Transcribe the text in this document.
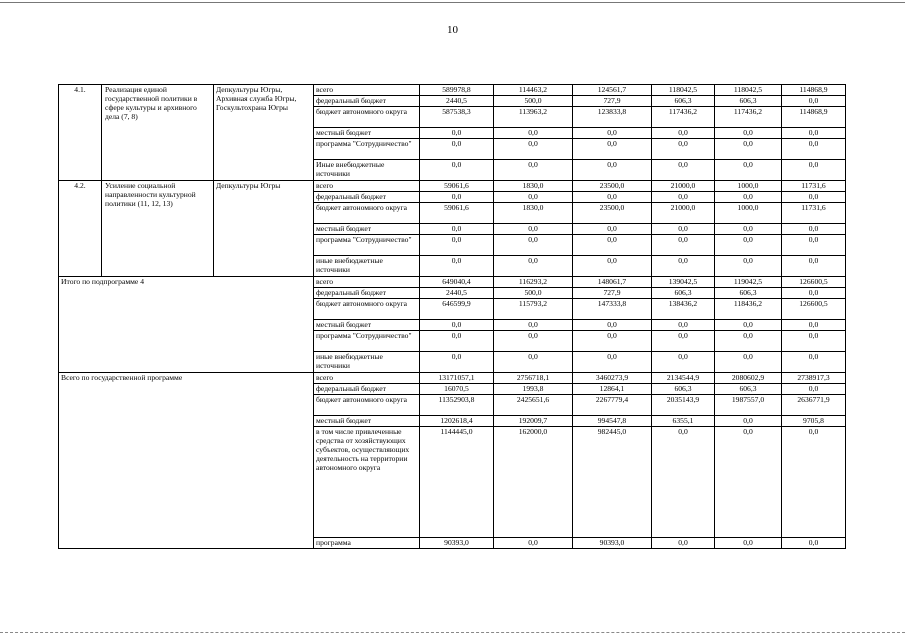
10
4.1.	Реализация единой государственной политики в сфере культуры и архивного дела (7, 8)	Депкультуры Югры, Архивная служба Югры, Госкультохрана Югры	всего	589978,8	114463,2	124561,7	118042,5	118042,5	114868,9
			федеральный бюджет	2440,5	500,0	727,9	606,3	606,3	0,0
			бюджет автономного округа	587538,3	113963,2	123833,8	117436,2	117436,2	114868,9
			местный бюджет	0,0	0,0	0,0	0,0	0,0	0,0
			программа "Сотрудничество"	0,0	0,0	0,0	0,0	0,0	0,0
			Иные внебюджетные источники	0,0	0,0	0,0	0,0	0,0	0,0
4.2.	Усиление социальной направленности культурной политики (11, 12, 13)	Депкультуры Югры	всего	59061,6	1830,0	23500,0	21000,0	1000,0	11731,6
			федеральный бюджет	0,0	0,0	0,0	0,0	0,0	0,0
			бюджет автономного округа	59061,6	1830,0	23500,0	21000,0	1000,0	11731,6
			местный бюджет	0,0	0,0	0,0	0,0	0,0	0,0
			программа "Сотрудничество"	0,0	0,0	0,0	0,0	0,0	0,0
			иные внебюджетные источники	0,0	0,0	0,0	0,0	0,0	0,0
Итого по подпрограмме 4			всего	649040,4	116293,2	148061,7	139042,5	119042,5	126600,5
			федеральный бюджет	2440,5	500,0	727,9	606,3	606,3	0,0
			бюджет автономного округа	646599,9	115793,2	147333,8	138436,2	118436,2	126600,5
			местный бюджет	0,0	0,0	0,0	0,0	0,0	0,0
			программа "Сотрудничество"	0,0	0,0	0,0	0,0	0,0	0,0
			иные внебюджетные источники	0,0	0,0	0,0	0,0	0,0	0,0
Всего по государственной программе			всего	13171057,1	2756718,1	3460273,9	2134544,9	2080602,9	2738917,3
			федеральный бюджет	16070,5	1993,8	12864,1	606,3	606,3	0,0
			бюджет автономного округа	11352903,8	2425651,6	2267779,4	2035143,9	1987557,0	2636771,9
			местный бюджет	1202618,4	192009,7	994547,8	6355,1	0,0	9705,8
			в том числе привлеченные средства от хозяйствующих субъектов, осуществляющих деятельность на территории автономного округа	1144445,0	162000,0	982445,0	0,0	0,0	0,0
			программа	90393,0	0,0	90393,0	0,0	0,0	0,0
